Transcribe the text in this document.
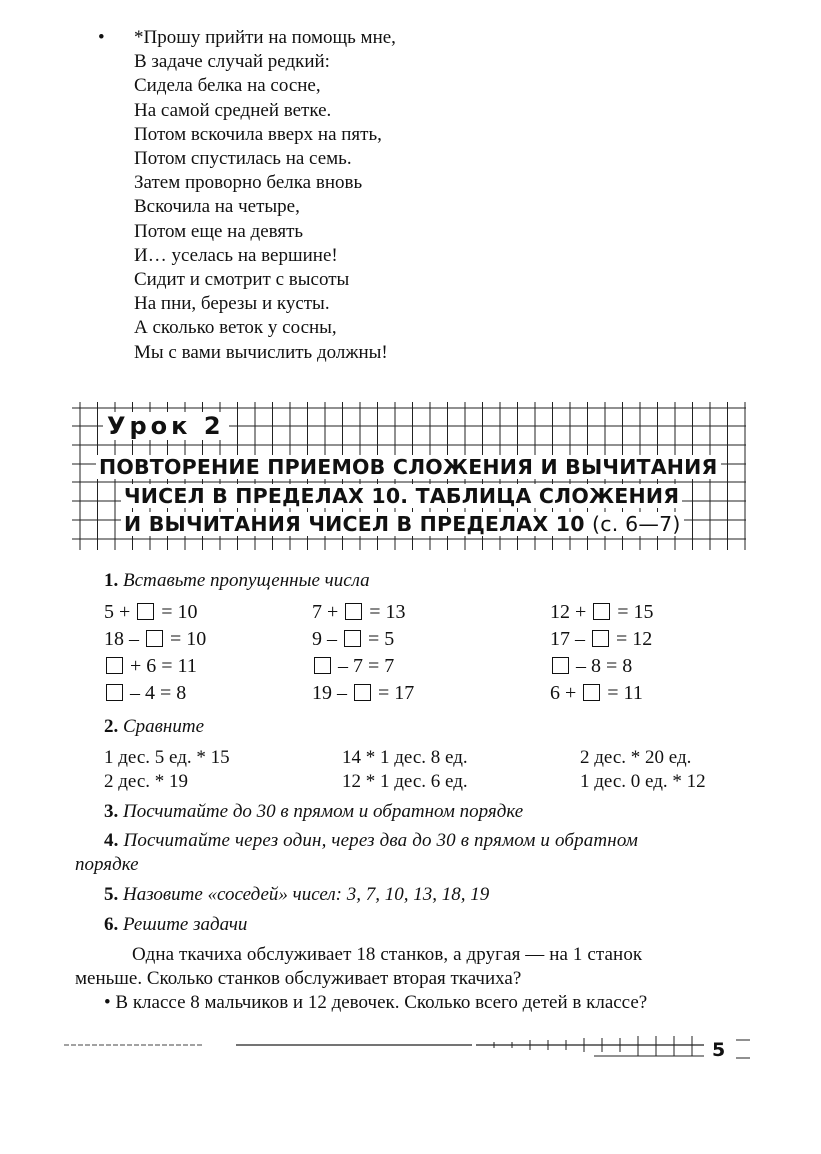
•	*Прошу прийти на помощь мне,
В задаче случай редкий:
Сидела белка на сосне,
На самой средней ветке.
Потом вскочила вверх на пять,
Потом спустилась на семь.
Затем проворно белка вновь
Вскочила на четыре,
Потом еще на девять
И… уселась на вершине!
Сидит и смотрит с высоты
На пни, березы и кусты.
А сколько веток у сосны,
Мы с вами вычислить должны!
Урок 2
ПОВТОРЕНИЕ ПРИЕМОВ СЛОЖЕНИЯ И ВЫЧИТАНИЯ
ЧИСЕЛ В ПРЕДЕЛАХ 10. ТАБЛИЦА СЛОЖЕНИЯ
И ВЫЧИТАНИЯ ЧИСЕЛ В ПРЕДЕЛАХ 10 (с. 6—7)
1. Вставьте пропущенные числа
5 +  = 10	7 +  = 13	12 +  = 15
18 –  = 10	9 –  = 5	17 –  = 12
+ 6 = 11	– 7 = 7	– 8 = 8
– 4 = 8	19 –  = 17	6 +  = 11
2. Сравните
1 дес. 5 ед. * 15	14 * 1 дес. 8 ед.	2 дес. * 20 ед.
2 дес. * 19	12 * 1 дес. 6 ед.	1 дес. 0 ед. * 12
3. Посчитайте до 30 в прямом и обратном порядке
4. Посчитайте через один, через два до 30 в прямом и обратном
порядке
5. Назовите «соседей» чисел: 3, 7, 10, 13, 18, 19
6. Решите задачи
Одна ткачиха обслуживает 18 станков, а другая — на 1 станок
меньше. Сколько станков обслуживает вторая ткачиха?
• В классе 8 мальчиков и 12 девочек. Сколько всего детей в классе?
5
